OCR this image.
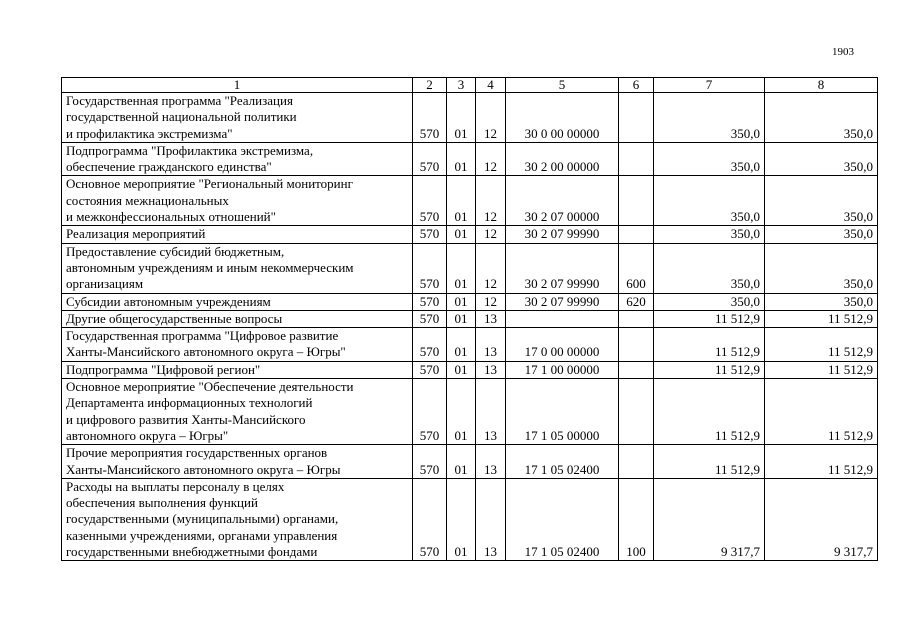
1903
1	2	3	4	5	6	7	8

Государственная программа "Реализация
государственной национальной политики
и профилактика экстремизма"	570	01	12	30 0 00 00000		350,0	350,0

Подпрограмма "Профилактика экстремизма,
обеспечение гражданского единства"	570	01	12	30 2 00 00000		350,0	350,0

Основное мероприятие "Региональный мониторинг
состояния межнациональных
и межконфессиональных отношений"	570	01	12	30 2 07 00000		350,0	350,0

Реализация мероприятий	570	01	12	30 2 07 99990		350,0	350,0

Предоставление субсидий бюджетным,
автономным учреждениям и иным некоммерческим
организациям	570	01	12	30 2 07 99990	600	350,0	350,0

Субсидии автономным учреждениям	570	01	12	30 2 07 99990	620	350,0	350,0

Другие общегосударственные вопросы	570	01	13			11 512,9	11 512,9

Государственная программа "Цифровое развитие
Ханты-Мансийского автономного округа – Югры"	570	01	13	17 0 00 00000		11 512,9	11 512,9

Подпрограмма "Цифровой регион"	570	01	13	17 1 00 00000		11 512,9	11 512,9

Основное мероприятие "Обеспечение деятельности
Департамента информационных технологий
и цифрового развития Ханты-Мансийского
автономного округа – Югры"	570	01	13	17 1 05 00000		11 512,9	11 512,9

Прочие мероприятия государственных органов
Ханты-Мансийского автономного округа – Югры	570	01	13	17 1 05 02400		11 512,9	11 512,9

Расходы на выплаты персоналу в целях
обеспечения выполнения функций
государственными (муниципальными) органами,
казенными учреждениями, органами управления
государственными внебюджетными фондами	570	01	13	17 1 05 02400	100	9 317,7	9 317,7
